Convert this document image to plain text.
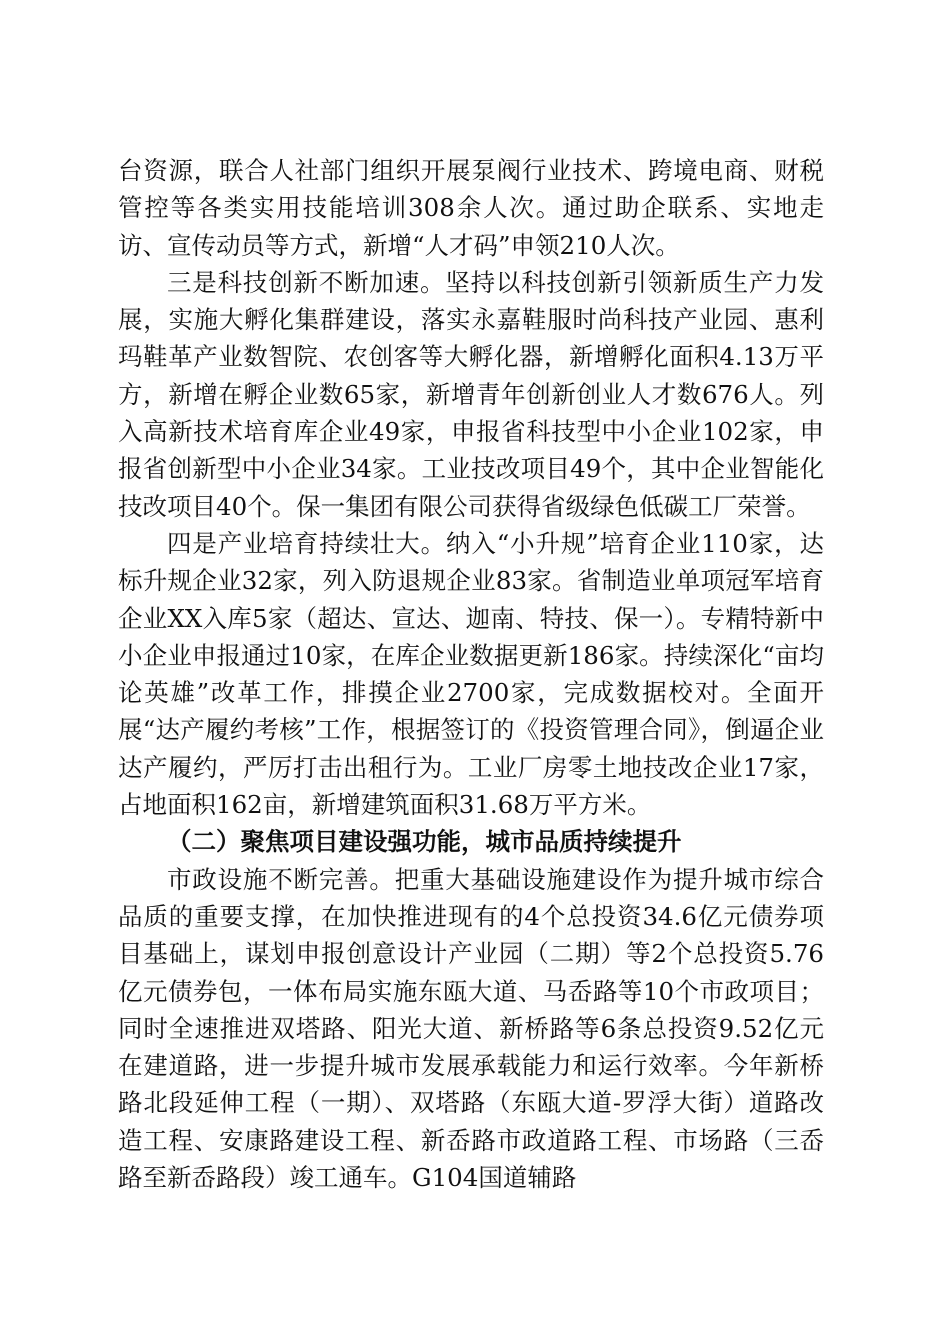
台资源，联合人社部门组织开展泵阀行业技术、跨境电商、财税管控等各类实用技能培训308余人次。通过助企联系、实地走访、宣传动员等方式，新增“人才码”申领210人次。

三是科技创新不断加速。坚持以科技创新引领新质生产力发展，实施大孵化集群建设，落实永嘉鞋服时尚科技产业园、惠利玛鞋革产业数智院、农创客等大孵化器，新增孵化面积4.13万平方，新增在孵企业数65家，新增青年创新创业人才数676人。列入高新技术培育库企业49家，申报省科技型中小企业102家，申报省创新型中小企业34家。工业技改项目49个，其中企业智能化技改项目40个。保一集团有限公司获得省级绿色低碳工厂荣誉。

四是产业培育持续壮大。纳入“小升规”培育企业110家，达标升规企业32家，列入防退规企业83家。省制造业单项冠军培育企业XX入库5家（超达、宣达、迦南、特技、保一）。专精特新中小企业申报通过10家，在库企业数据更新186家。持续深化“亩均论英雄”改革工作，排摸企业2700家，完成数据校对。全面开展“达产履约考核”工作，根据签订的《投资管理合同》，倒逼企业达产履约，严厉打击出租行为。工业厂房零土地技改企业17家，占地面积162亩，新增建筑面积31.68万平方米。

（二）聚焦项目建设强功能，城市品质持续提升

市政设施不断完善。把重大基础设施建设作为提升城市综合品质的重要支撑，在加快推进现有的4个总投资34.6亿元债券项目基础上，谋划申报创意设计产业园（二期）等2个总投资5.76亿元债券包，一体布局实施东瓯大道、马岙路等10个市政项目；同时全速推进双塔路、阳光大道、新桥路等6条总投资9.52亿元在建道路，进一步提升城市发展承载能力和运行效率。今年新桥路北段延伸工程（一期）、双塔路（东瓯大道-罗浮大街）道路改造工程、安康路建设工程、新岙路市政道路工程、市场路（三岙路至新岙路段）竣工通车。G104国道辅路
